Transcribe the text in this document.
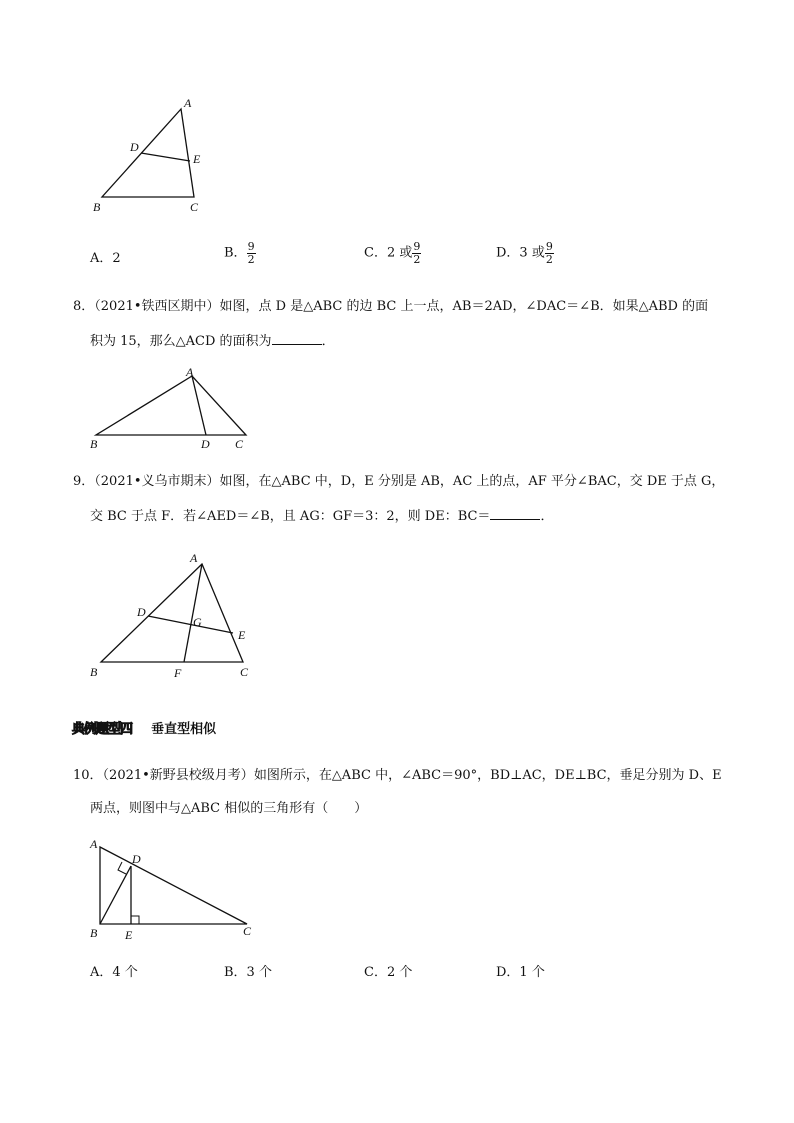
A
D
E
B	C
A．2	B． $\frac{9}{2}$	C．2 或 $\frac{9}{2}$	D．3 或 $\frac{9}{2}$
8．（2021•铁西区期中）如图，点 D 是△ABC 的边 BC 上一点，AB＝2AD，∠DAC＝∠B．如果△ABD 的面
积为 15，那么△ACD 的面积为	．
A
B	D C
9．（2021•义乌市期末）如图，在△ABC 中，D，E 分别是 AB，AC 上的点，AF 平分∠BAC，交 DE 于点 G，
交 BC 于点 F．若∠AED＝∠B，且 AG：GF＝3：2，则 DE：BC＝	．
A
D
G
E
B	F	C
典例题型四 垂直型相似
10．（2021•新野县校级月考）如图所示，在△ABC 中，∠ABC＝90°，BD⊥AC，DE⊥BC，垂足分别为 D、E
两点，则图中与△ABC 相似的三角形有（　　）
A
D
B E	C
A．4 个	B．3 个	C．2 个	D．1 个
